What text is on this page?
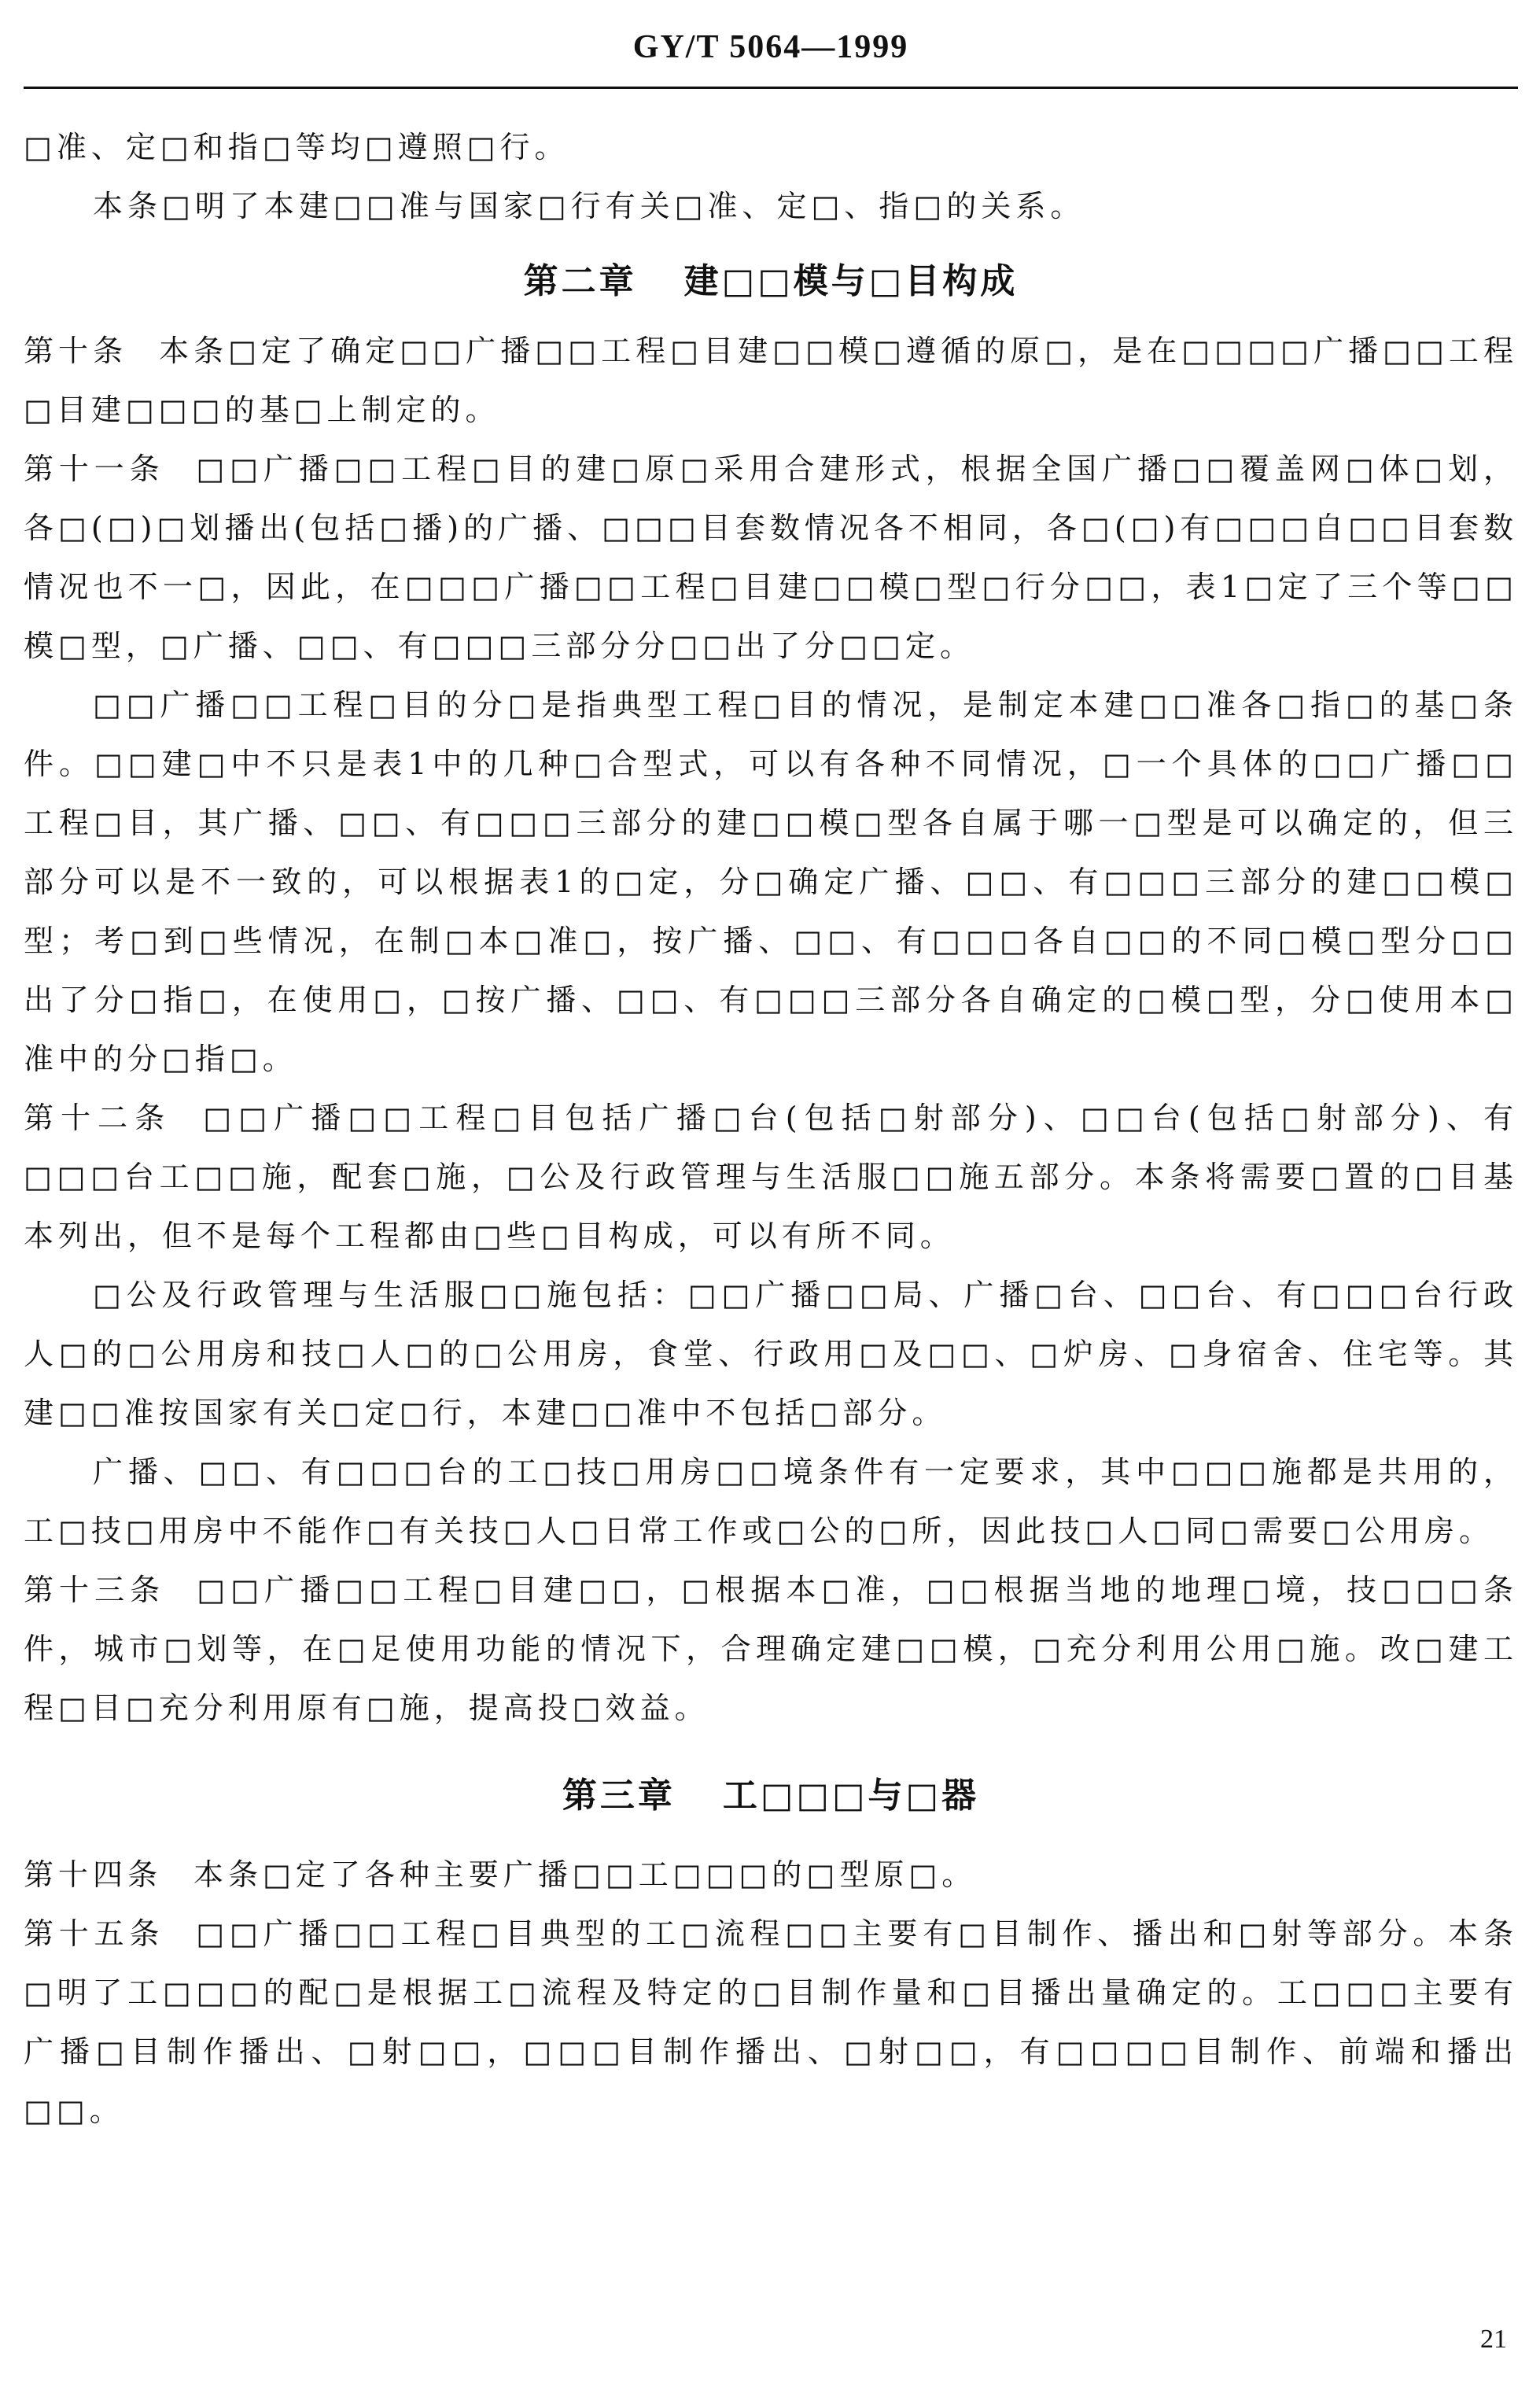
GY/T 5064—1999

□准、定□和指□等均□遵照□行。

本条□明了本建□□准与国家□行有关□准、定□、指□的关系。

第二章 建□□模与□目构成

第十条 本条□定了确定□□广播□□工程□目建□□模□遵循的原□，是在□□□□广播□□工程□目建□□□的基□上制定的。

第十一条 □□广播□□工程□目的建□原□采用合建形式，根据全国广播□□覆盖网□体□划，各□(□)□划播出(包括□播)的广播、□□□目套数情况各不相同，各□(□)有□□□自□□目套数情况也不一□，因此，在□□□广播□□工程□目建□□模□型□行分□□，表1□定了三个等□□模□型，□广播、□□、有□□□三部分分□□出了分□□定。

□□广播□□工程□目的分□是指典型工程□目的情况，是制定本建□□准各□指□的基□条件。□□建□中不只是表1中的几种□合型式，可以有各种不同情况，□一个具体的□□广播□□工程□目，其广播、□□、有□□□三部分的建□□模□型各自属于哪一□型是可以确定的，但三部分可以是不一致的，可以根据表1的□定，分□确定广播、□□、有□□□三部分的建□□模□型；考□到□些情况，在制□本□准□，按广播、□□、有□□□各自□□的不同□模□型分□□出了分□指□，在使用□，□按广播、□□、有□□□三部分各自确定的□模□型，分□使用本□准中的分□指□。

第十二条 □□广播□□工程□目包括广播□台(包括□射部分)、□□台(包括□射部分)、有□□□台工□□施，配套□施，□公及行政管理与生活服□□施五部分。本条将需要□置的□目基本列出，但不是每个工程都由□些□目构成，可以有所不同。

□公及行政管理与生活服□□施包括：□□广播□□局、广播□台、□□台、有□□□台行政人□的□公用房和技□人□的□公用房，食堂、行政用□及□□、□炉房、□身宿舍、住宅等。其建□□准按国家有关□定□行，本建□□准中不包括□部分。

广播、□□、有□□□台的工□技□用房□□境条件有一定要求，其中□□□施都是共用的，工□技□用房中不能作□有关技□人□日常工作或□公的□所，因此技□人□同□需要□公用房。

第十三条 □□广播□□工程□目建□□，□根据本□准，□□根据当地的地理□境，技□□□条件，城市□划等，在□足使用功能的情况下，合理确定建□□模，□充分利用公用□施。改□建工程□目□充分利用原有□施，提高投□效益。

第三章 工□□□与□器

第十四条 本条□定了各种主要广播□□工□□□的□型原□。

第十五条 □□广播□□工程□目典型的工□流程□□主要有□目制作、播出和□射等部分。本条□明了工□□□的配□是根据工□流程及特定的□目制作量和□目播出量确定的。工□□□主要有广播□目制作播出、□射□□，□□□目制作播出、□射□□，有□□□□目制作、前端和播出□□。

21
